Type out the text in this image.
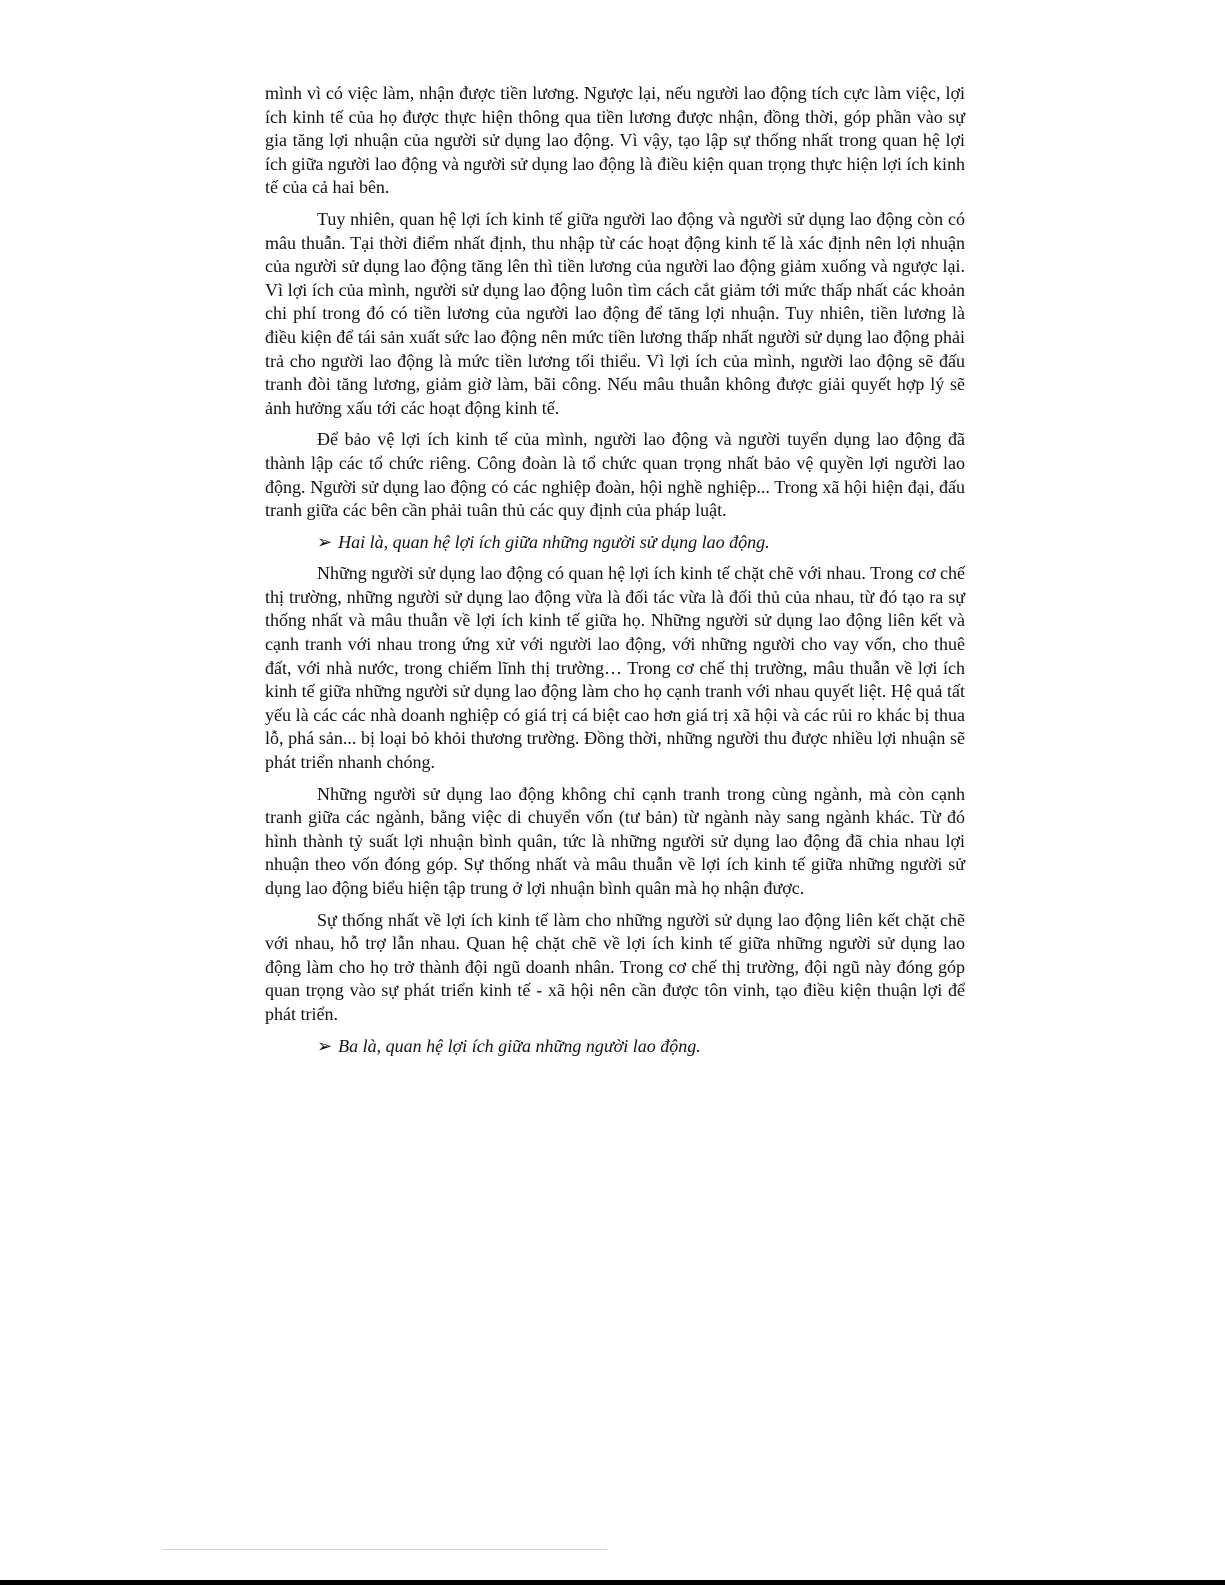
mình vì có việc làm, nhận được tiền lương. Ngược lại, nếu người lao động tích cực làm việc, lợi ích kinh tế của họ được thực hiện thông qua tiền lương được nhận, đồng thời, góp phần vào sự gia tăng lợi nhuận của người sử dụng lao động. Vì vậy, tạo lập sự thống nhất trong quan hệ lợi ích giữa người lao động và người sử dụng lao động là điều kiện quan trọng thực hiện lợi ích kinh tế của cả hai bên.

Tuy nhiên, quan hệ lợi ích kinh tế giữa người lao động và người sử dụng lao động còn có mâu thuẫn. Tại thời điểm nhất định, thu nhập từ các hoạt động kinh tế là xác định nên lợi nhuận của người sử dụng lao động tăng lên thì tiền lương của người lao động giảm xuống và ngược lại. Vì lợi ích của mình, người sử dụng lao động luôn tìm cách cắt giảm tới mức thấp nhất các khoản chi phí trong đó có tiền lương của người lao động để tăng lợi nhuận. Tuy nhiên, tiền lương là điều kiện để tái sản xuất sức lao động nên mức tiền lương thấp nhất người sử dụng lao động phải trả cho người lao động là mức tiền lương tối thiểu. Vì lợi ích của mình, người lao động sẽ đấu tranh đòi tăng lương, giảm giờ làm, bãi công. Nếu mâu thuẫn không được giải quyết hợp lý sẽ ảnh hưởng xấu tới các hoạt động kinh tế.

Để bảo vệ lợi ích kinh tế của mình, người lao động và người tuyển dụng lao động đã thành lập các tổ chức riêng. Công đoàn là tổ chức quan trọng nhất bảo vệ quyền lợi người lao động. Người sử dụng lao động có các nghiệp đoàn, hội nghề nghiệp... Trong xã hội hiện đại, đấu tranh giữa các bên cần phải tuân thủ các quy định của pháp luật.

➢ Hai là, quan hệ lợi ích giữa những người sử dụng lao động.

Những người sử dụng lao động có quan hệ lợi ích kinh tế chặt chẽ với nhau. Trong cơ chế thị trường, những người sử dụng lao động vừa là đối tác vừa là đối thủ của nhau, từ đó tạo ra sự thống nhất và mâu thuẫn về lợi ích kinh tế giữa họ. Những người sử dụng lao động liên kết và cạnh tranh với nhau trong ứng xử với người lao động, với những người cho vay vốn, cho thuê đất, với nhà nước, trong chiếm lĩnh thị trường… Trong cơ chế thị trường, mâu thuẫn về lợi ích kinh tế giữa những người sử dụng lao động làm cho họ cạnh tranh với nhau quyết liệt. Hệ quả tất yếu là các các nhà doanh nghiệp có giá trị cá biệt cao hơn giá trị xã hội và các rủi ro khác bị thua lỗ, phá sản... bị loại bỏ khỏi thương trường. Đồng thời, những người thu được nhiều lợi nhuận sẽ phát triển nhanh chóng.

Những người sử dụng lao động không chỉ cạnh tranh trong cùng ngành, mà còn cạnh tranh giữa các ngành, bằng việc di chuyển vốn (tư bản) từ ngành này sang ngành khác. Từ đó hình thành tỷ suất lợi nhuận bình quân, tức là những người sử dụng lao động đã chia nhau lợi nhuận theo vốn đóng góp. Sự thống nhất và mâu thuẫn về lợi ích kinh tế giữa những người sử dụng lao động biểu hiện tập trung ở lợi nhuận bình quân mà họ nhận được.

Sự thống nhất về lợi ích kinh tế làm cho những người sử dụng lao động liên kết chặt chẽ với nhau, hỗ trợ lẫn nhau. Quan hệ chặt chẽ về lợi ích kinh tế giữa những người sử dụng lao động làm cho họ trở thành đội ngũ doanh nhân. Trong cơ chế thị trường, đội ngũ này đóng góp quan trọng vào sự phát triển kinh tế - xã hội nên cần được tôn vinh, tạo điều kiện thuận lợi để phát triển.

➢ Ba là, quan hệ lợi ích giữa những người lao động.
